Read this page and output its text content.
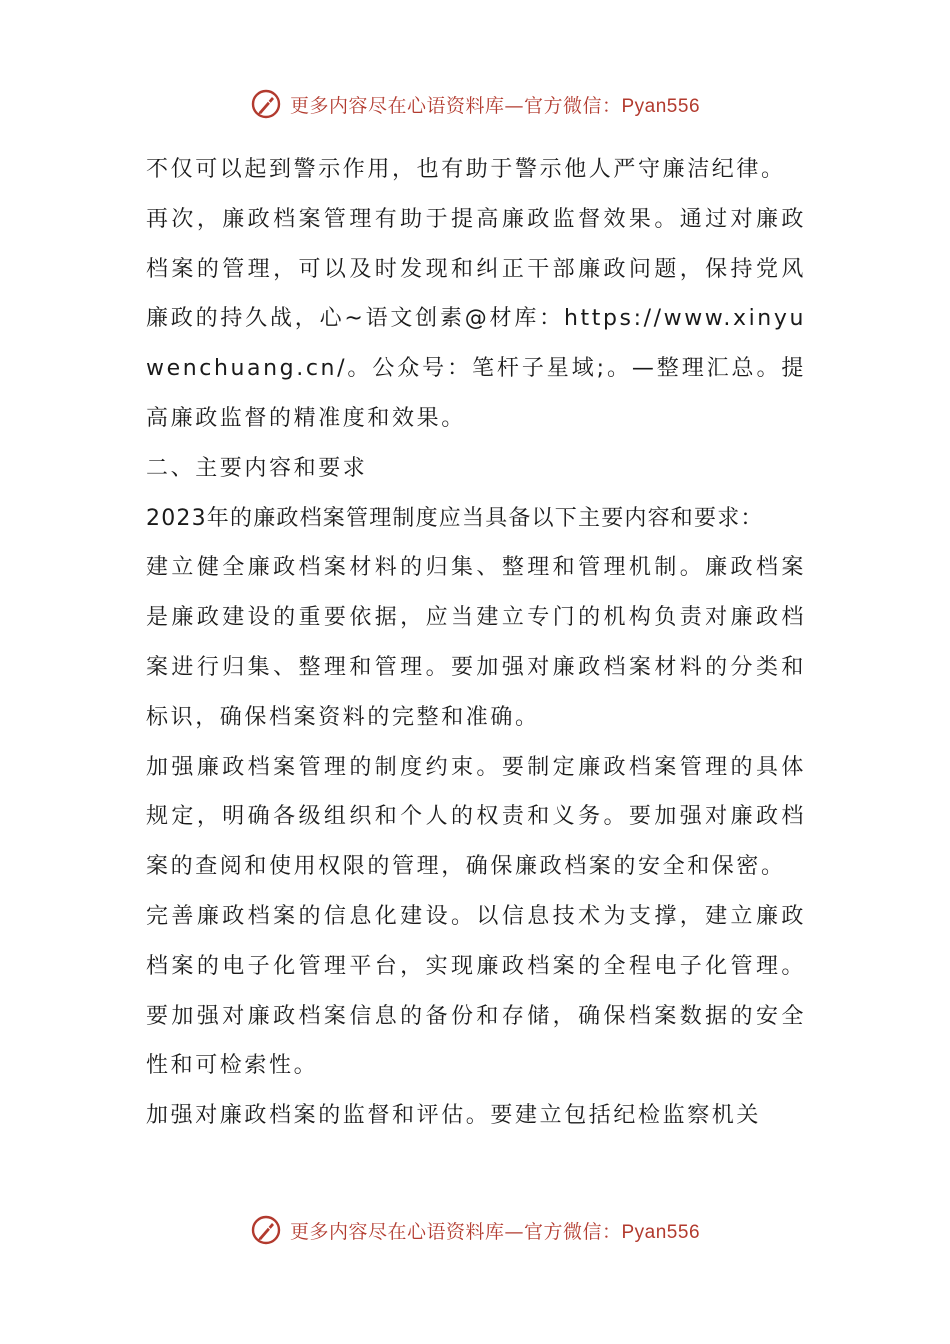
更多内容尽在心语资料库—官方微信：Pyan556

不仅可以起到警示作用，也有助于警示他人严守廉洁纪律。

再次，廉政档案管理有助于提高廉政监督效果。通过对廉政档案的管理，可以及时发现和纠正干部廉政问题，保持党风廉政的持久战，心~语文创素@材库：https://www.xinyuwenchuang.cn/。公众号：笔杆子星域;。—整理汇总。提高廉政监督的精准度和效果。

二、主要内容和要求

2023年的廉政档案管理制度应当具备以下主要内容和要求：

建立健全廉政档案材料的归集、整理和管理机制。廉政档案是廉政建设的重要依据，应当建立专门的机构负责对廉政档案进行归集、整理和管理。要加强对廉政档案材料的分类和标识，确保档案资料的完整和准确。

加强廉政档案管理的制度约束。要制定廉政档案管理的具体规定，明确各级组织和个人的权责和义务。要加强对廉政档案的查阅和使用权限的管理，确保廉政档案的安全和保密。

完善廉政档案的信息化建设。以信息技术为支撑，建立廉政档案的电子化管理平台，实现廉政档案的全程电子化管理。要加强对廉政档案信息的备份和存储，确保档案数据的安全性和可检索性。

加强对廉政档案的监督和评估。要建立包括纪检监察机关

更多内容尽在心语资料库—官方微信：Pyan556
